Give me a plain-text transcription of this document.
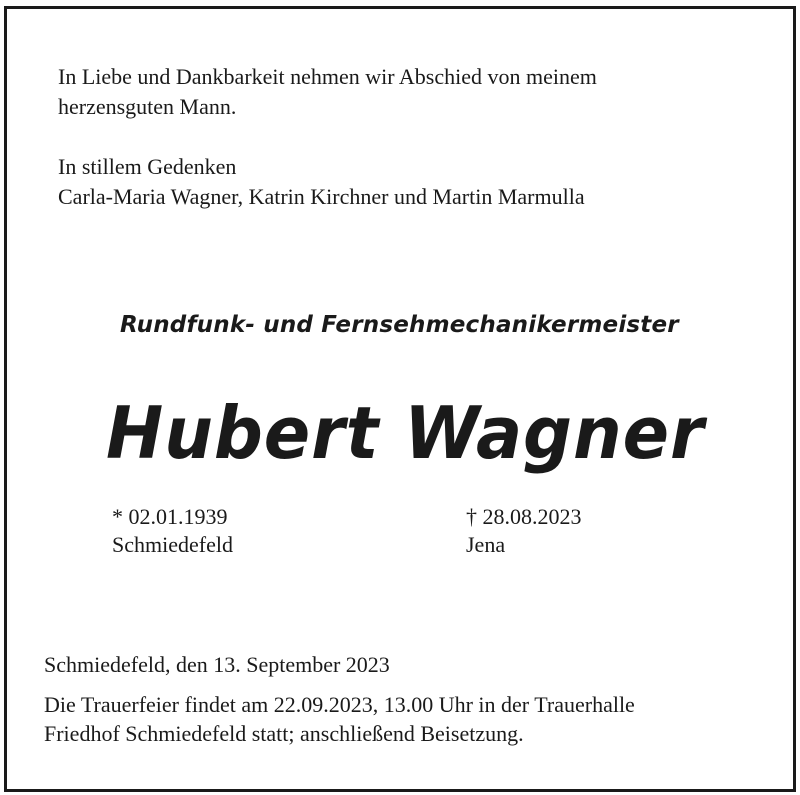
In Liebe und Dankbarkeit nehmen wir Abschied von meinem
herzensguten Mann.
In stillem Gedenken
Carla-Maria Wagner, Katrin Kirchner und Martin Marmulla
Rundfunk- und Fernsehmechanikermeister
Hubert Wagner
* 02.01.1939
Schmiedefeld
† 28.08.2023
Jena
Schmiedefeld, den 13. September 2023
Die Trauerfeier findet am 22.09.2023, 13.00 Uhr in der Trauerhalle
Friedhof Schmiedefeld statt; anschließend Beisetzung.
